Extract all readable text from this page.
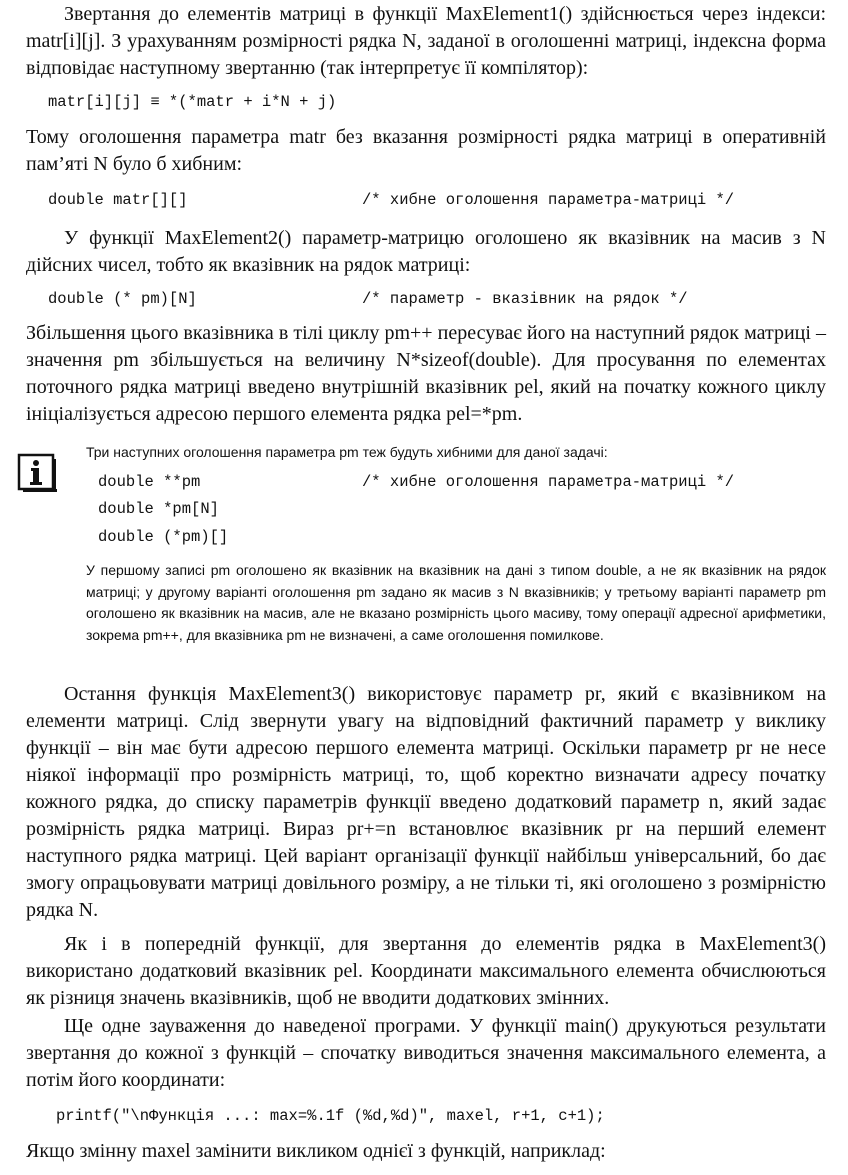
Звертання до елементів матриці в функції MaxElement1() здійснюється через індекси: matr[i][j]. З урахуванням розмірності рядка N, заданої в оголошенні матриці, індексна форма відповідає наступному звертанню (так інтерпретує її компілятор):

matr[i][j] ≡ *(*matr + i*N + j)

Тому оголошення параметра matr без вказання розмірності рядка матриці в оперативній пам’яті N було б хибним:

double matr[][]	/* хибне оголошення параметра-матриці */

У функції MaxElement2() параметр-матрицю оголошено як вказівник на масив з N дійсних чисел, тобто як вказівник на рядок матриці:

double (* pm)[N]	/* параметр - вказівник на рядок */

Збільшення цього вказівника в тілі циклу pm++ пересуває його на наступний рядок матриці – значення pm збільшується на величину N*sizeof(double). Для просування по елементах поточного рядка матриці введено внутрішній вказівник pel, який на початку кожного циклу ініціалізується адресою першого елемента рядка pel=*pm.

Три наступних оголошення параметра pm теж будуть хибними для даної задачі:

double **pm	/* хибне оголошення параметра-матриці */
double *pm[N]
double (*pm)[]

У першому записі pm оголошено як вказівник на вказівник на дані з типом double, а не як вказівник на рядок матриці; у другому варіанті оголошення pm задано як масив з N вказівників; у третьому варіанті параметр pm оголошено як вказівник на масив, але не вказано розмірність цього масиву, тому операції адресної арифметики, зокрема pm++, для вказівника pm не визначені, а саме оголошення помилкове.

Остання функція MaxElement3() використовує параметр pr, який є вказівником на елементи матриці. Слід звернути увагу на відповідний фактичний параметр у виклику функції – він має бути адресою першого елемента матриці. Оскільки параметр pr не несе ніякої інформації про розмірність матриці, то, щоб коректно визначати адресу початку кожного рядка, до списку параметрів функції введено додатковий параметр n, який задає розмірність рядка матриці. Вираз pr+=n встановлює вказівник pr на перший елемент наступного рядка матриці. Цей варіант організації функції найбільш універсальний, бо дає змогу опрацьовувати матриці довільного розміру, а не тільки ті, які оголошено з розмірністю рядка N.

Як і в попередній функції, для звертання до елементів рядка в MaxElement3() використано додатковий вказівник pel. Координати максимального елемента обчислюються як різниця значень вказівників, щоб не вводити додаткових змінних.

Ще одне зауваження до наведеної програми. У функції main() друкуються результати звертання до кожної з функцій – спочатку виводиться значення максимального елемента, а потім його координати:

printf("\nФункція ...: max=%.1f (%d,%d)", maxel, r+1, c+1);

Якщо змінну maxel замінити викликом однієї з функцій, наприклад:
